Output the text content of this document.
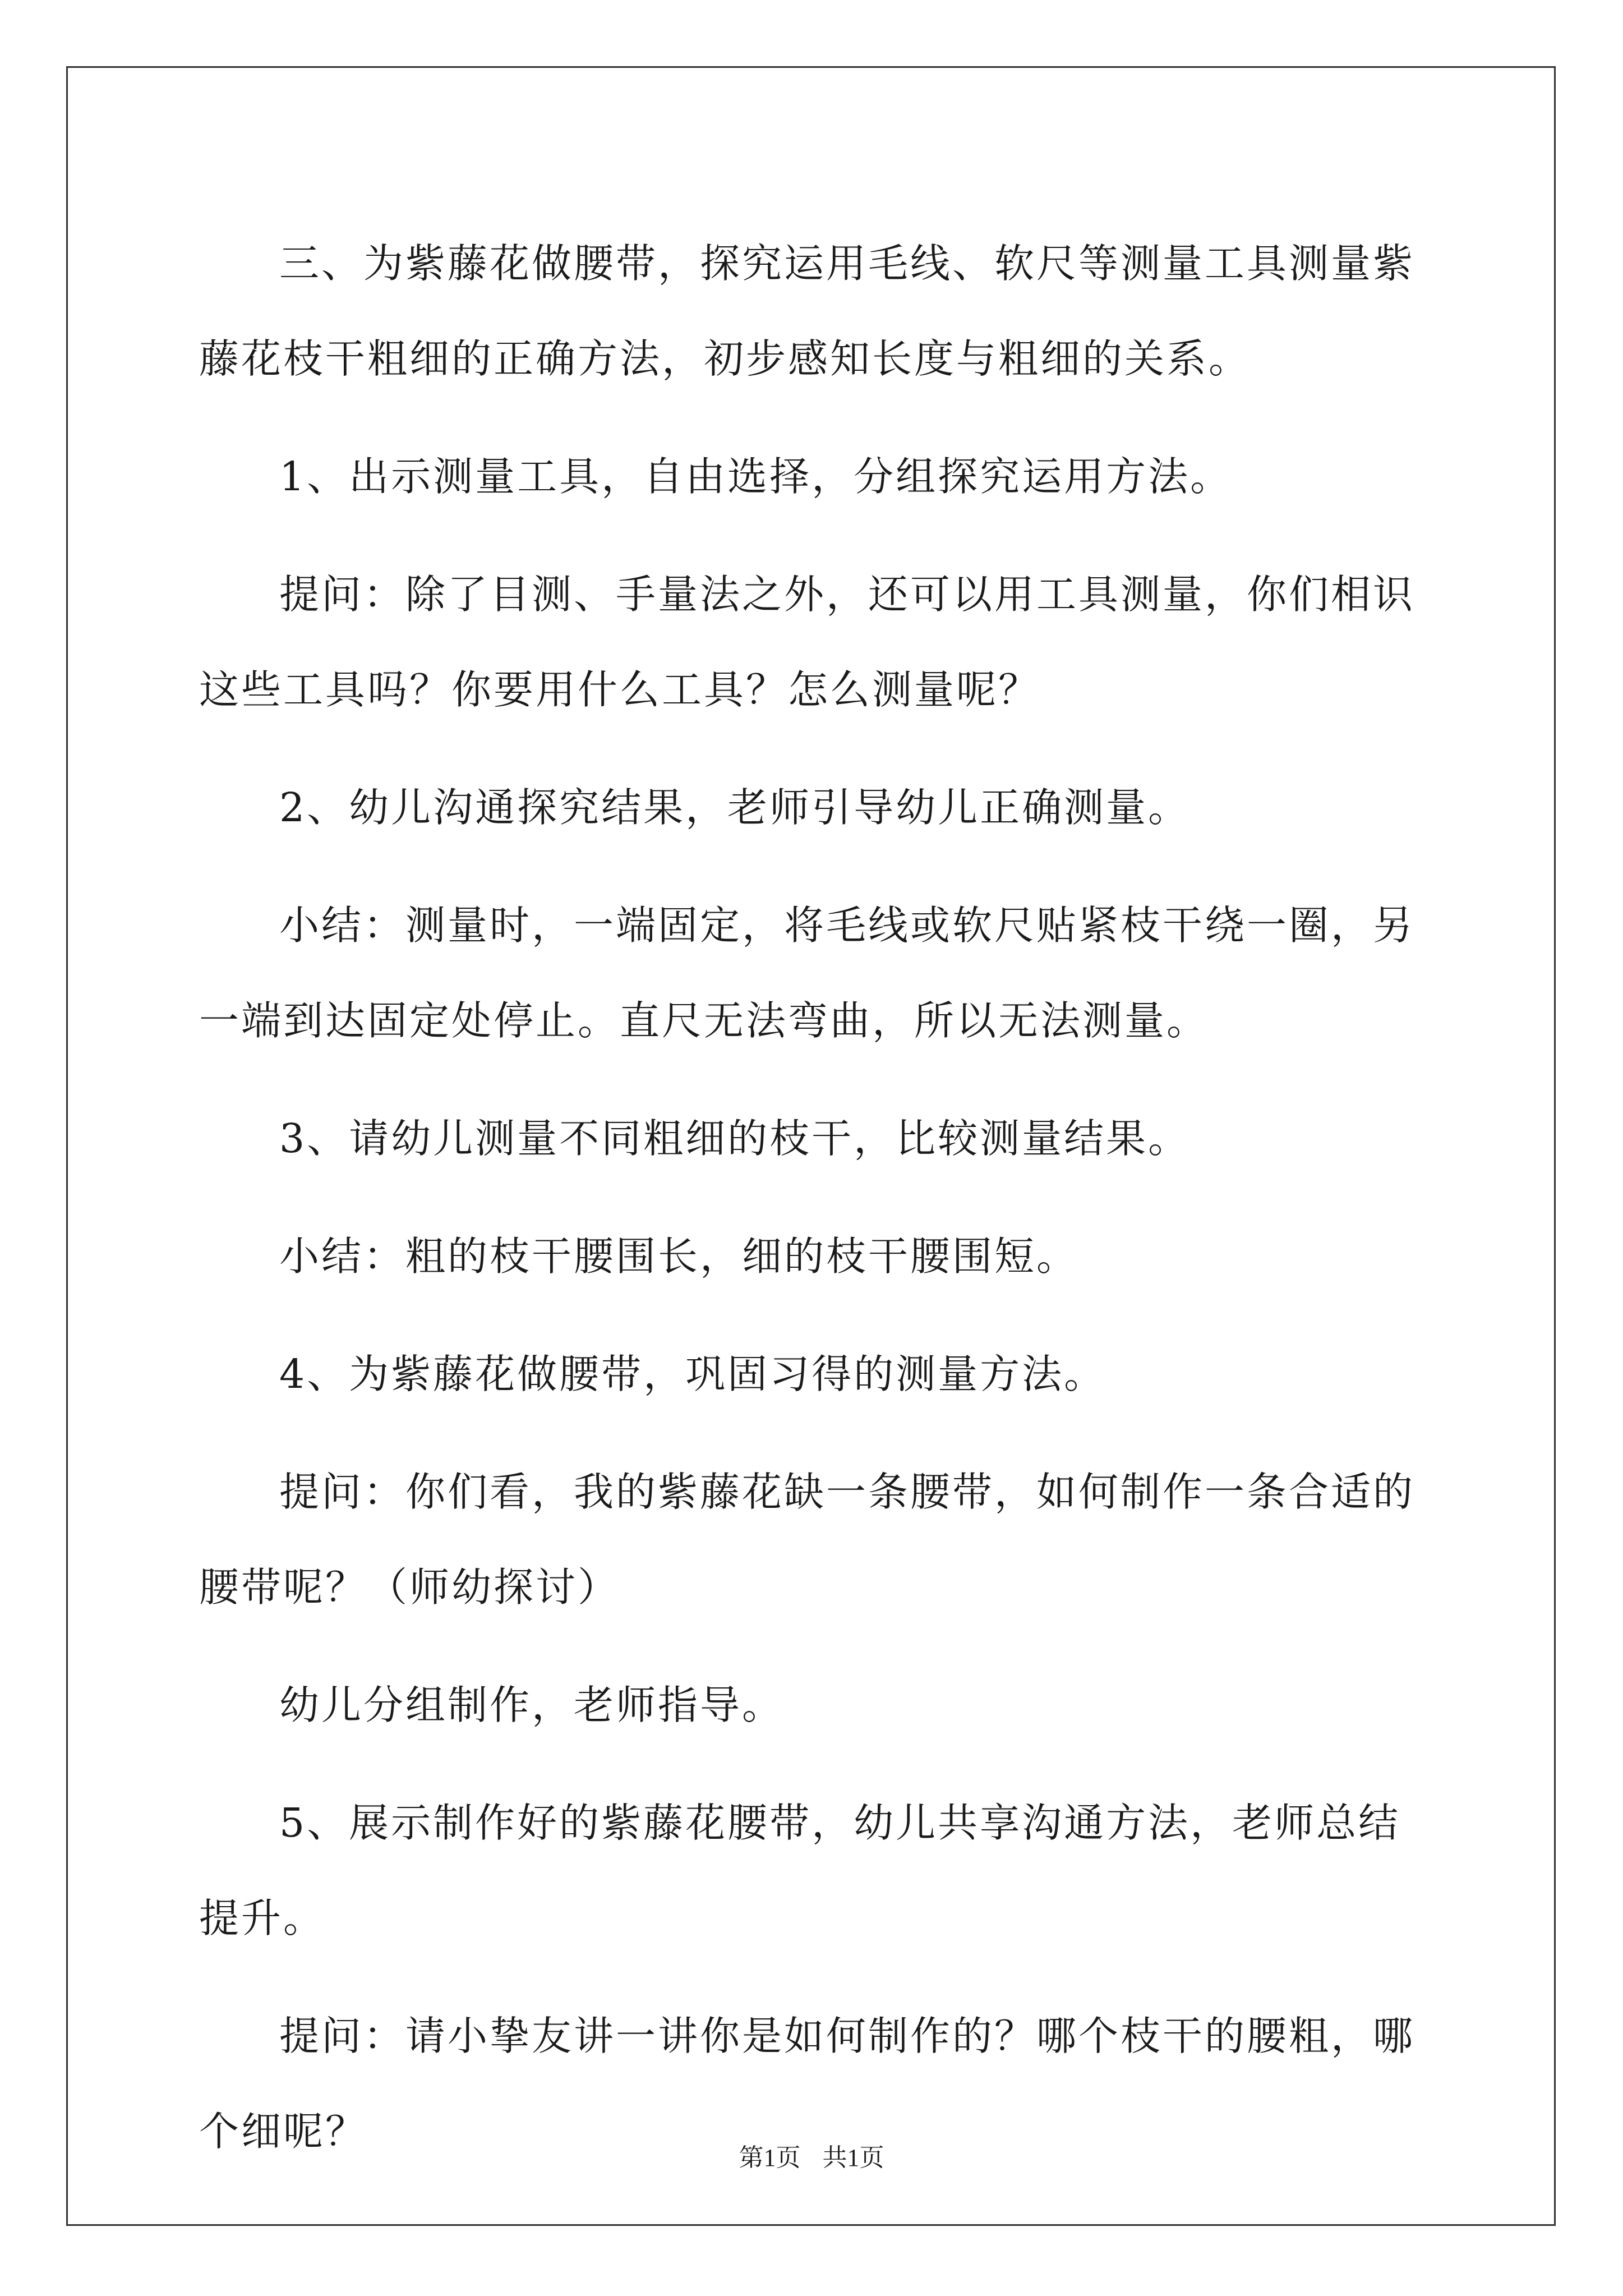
三、为紫藤花做腰带，探究运用毛线、软尺等测量工具测量紫藤花枝干粗细的正确方法，初步感知长度与粗细的关系。

1、出示测量工具，自由选择，分组探究运用方法。

提问：除了目测、手量法之外，还可以用工具测量，你们相识这些工具吗？你要用什么工具？怎么测量呢？

2、幼儿沟通探究结果，老师引导幼儿正确测量。

小结：测量时，一端固定，将毛线或软尺贴紧枝干绕一圈，另一端到达固定处停止。直尺无法弯曲，所以无法测量。

3、请幼儿测量不同粗细的枝干，比较测量结果。

小结：粗的枝干腰围长，细的枝干腰围短。

4、为紫藤花做腰带，巩固习得的测量方法。

提问：你们看，我的紫藤花缺一条腰带，如何制作一条合适的腰带呢？（师幼探讨）

幼儿分组制作，老师指导。

5、展示制作好的紫藤花腰带，幼儿共享沟通方法，老师总结提升。

提问：请小挚友讲一讲你是如何制作的？哪个枝干的腰粗，哪个细呢？

第1页 共1页
